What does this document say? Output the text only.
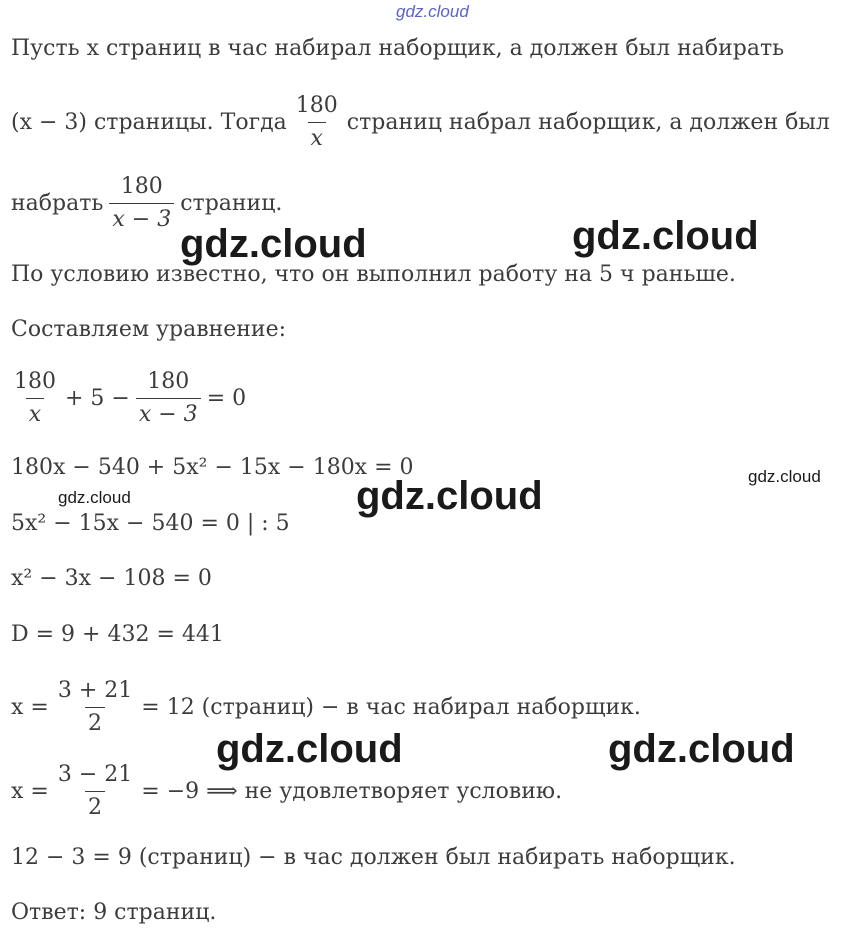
gdz.cloud
Пусть x страниц в час набирал наборщик, а должен был набирать
(x − 3) страницы. Тогда $\frac{180}{x}$ страниц набрал наборщик, а должен был
набрать $\frac{180}{x - 3}$ страниц.
По условию известно, что он выполнил работу на 5 ч раньше.
Составляем уравнение:
$\frac{180}{x} + 5 - \frac{180}{x - 3} = 0$
180x − 540 + 5x² − 15x − 180x = 0
5x² − 15x − 540 = 0 | : 5
x² − 3x − 108 = 0
D = 9 + 432 = 441
$x = \frac{3 + 21}{2} = 12$ (страниц) − в час набирал наборщик.
$x = \frac{3 - 21}{2} = -9$ ⟹ не удовлетворяет условию.
12 − 3 = 9 (страниц) − в час должен был набирать наборщик.
Ответ: 9 страниц.
gdz.cloud	gdz.cloud
gdz.cloud
gdz.cloud	gdz.cloud
gdz.cloud	gdz.cloud
